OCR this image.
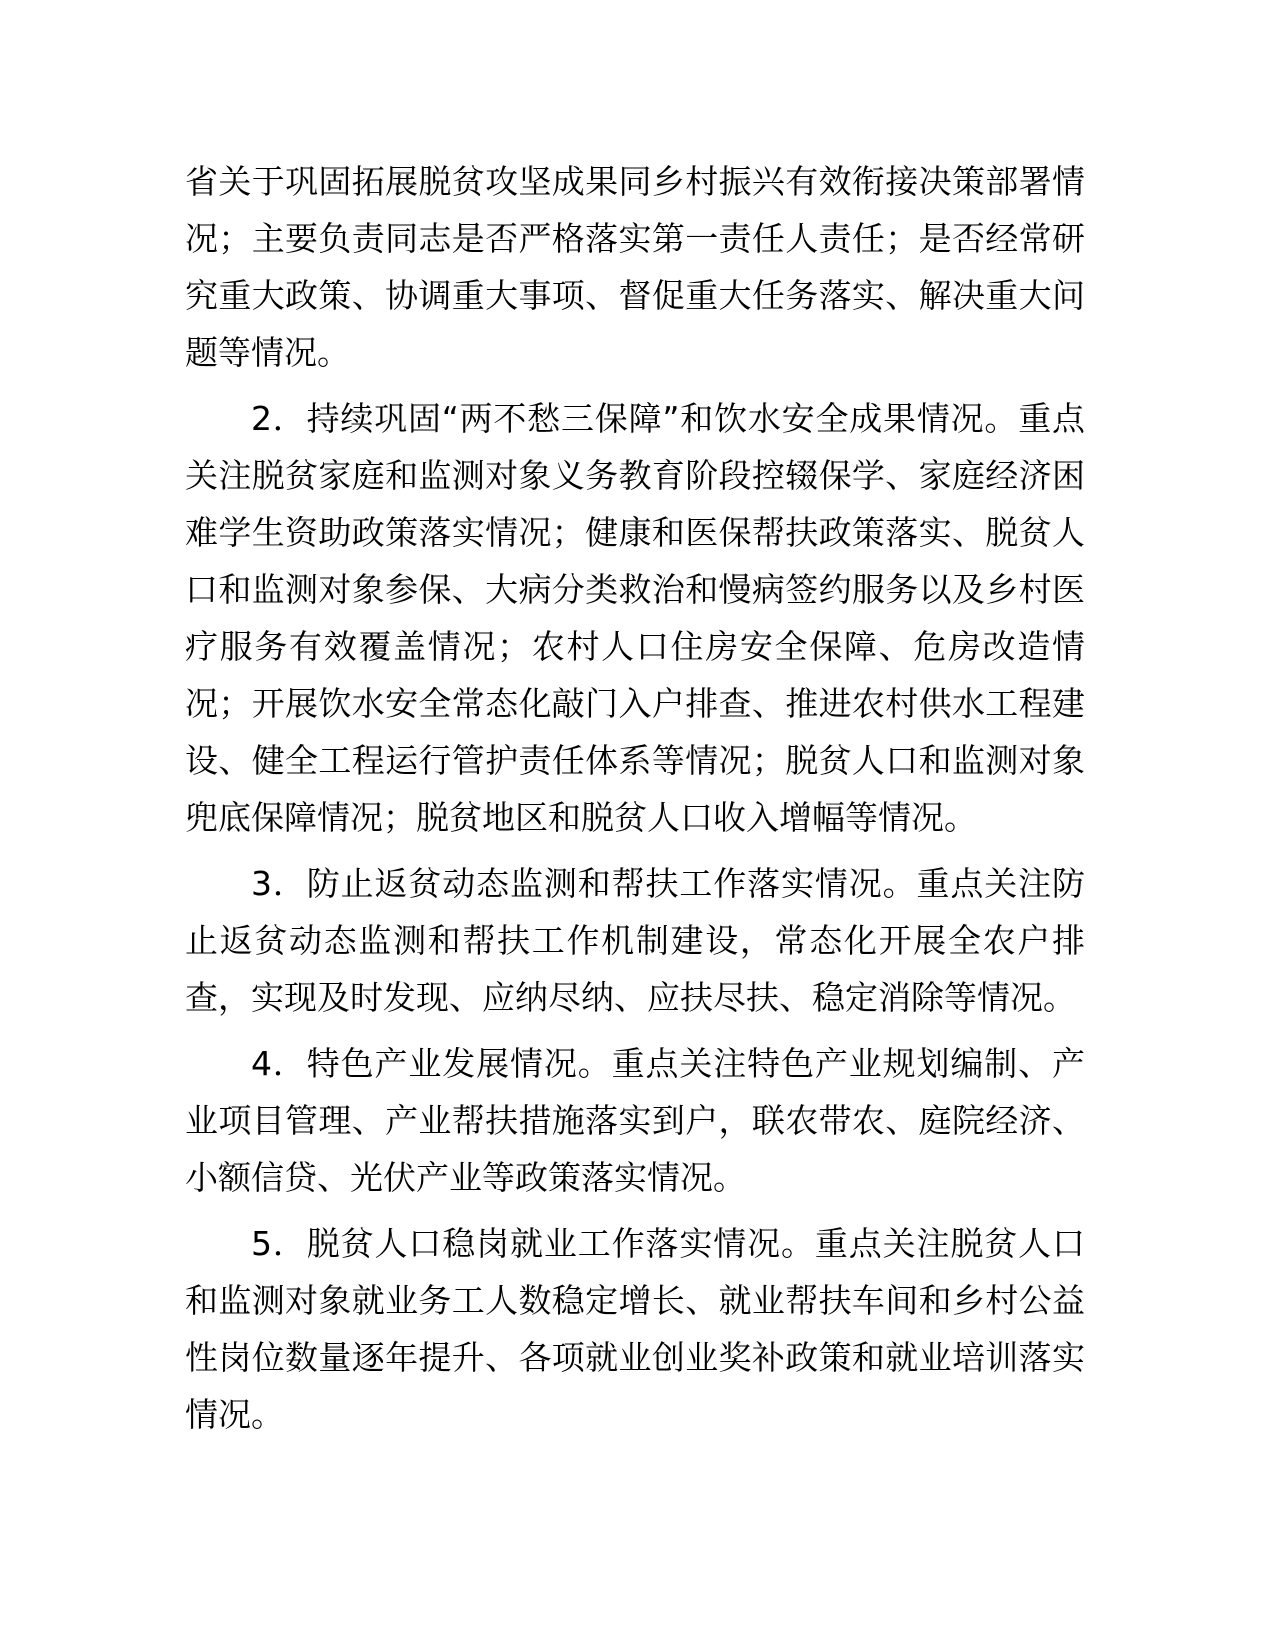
省关于巩固拓展脱贫攻坚成果同乡村振兴有效衔接决策部署情况；主要负责同志是否严格落实第一责任人责任；是否经常研究重大政策、协调重大事项、督促重大任务落实、解决重大问题等情况。

2．持续巩固“两不愁三保障”和饮水安全成果情况。重点关注脱贫家庭和监测对象义务教育阶段控辍保学、家庭经济困难学生资助政策落实情况；健康和医保帮扶政策落实、脱贫人口和监测对象参保、大病分类救治和慢病签约服务以及乡村医疗服务有效覆盖情况；农村人口住房安全保障、危房改造情况；开展饮水安全常态化敲门入户排查、推进农村供水工程建设、健全工程运行管护责任体系等情况；脱贫人口和监测对象兜底保障情况；脱贫地区和脱贫人口收入增幅等情况。

3．防止返贫动态监测和帮扶工作落实情况。重点关注防止返贫动态监测和帮扶工作机制建设，常态化开展全农户排查，实现及时发现、应纳尽纳、应扶尽扶、稳定消除等情况。

4．特色产业发展情况。重点关注特色产业规划编制、产业项目管理、产业帮扶措施落实到户，联农带农、庭院经济、小额信贷、光伏产业等政策落实情况。

5．脱贫人口稳岗就业工作落实情况。重点关注脱贫人口和监测对象就业务工人数稳定增长、就业帮扶车间和乡村公益性岗位数量逐年提升、各项就业创业奖补政策和就业培训落实情况。
